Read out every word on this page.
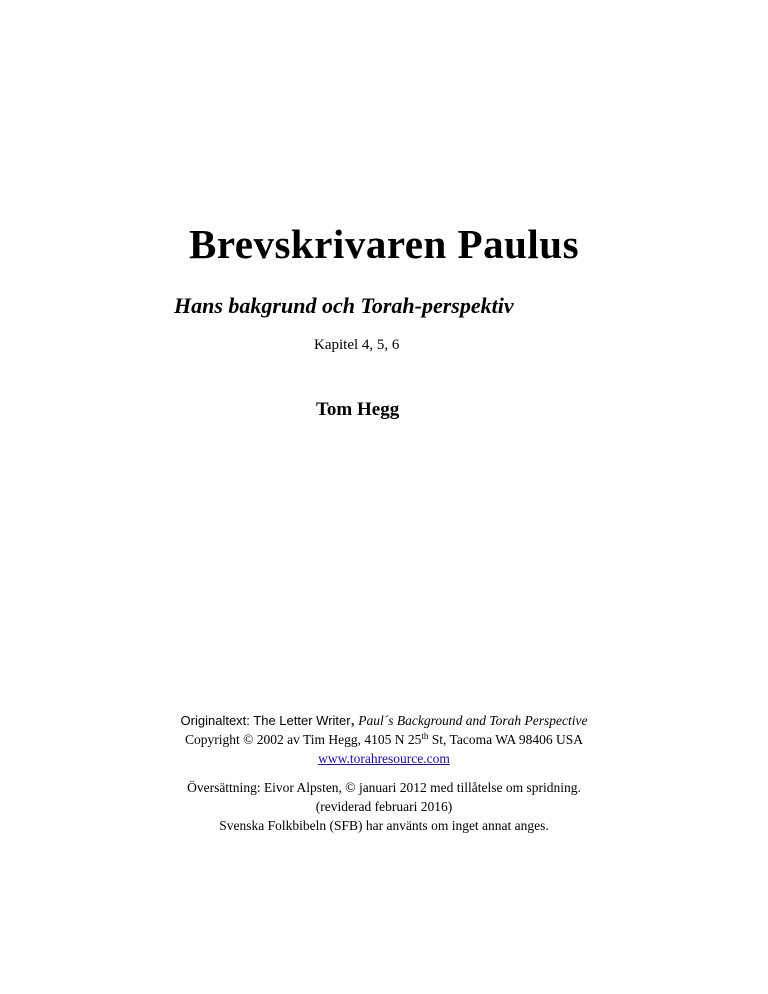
Brevskrivaren Paulus
Hans bakgrund och Torah-perspektiv
Kapitel 4, 5, 6
Tom Hegg
Originaltext: The Letter Writer, Paul´s Background and Torah Perspective
Copyright © 2002 av Tim Hegg, 4105 N 25th St, Tacoma WA 98406 USA
www.torahresource.com
Översättning: Eivor Alpsten, © januari 2012 med tillåtelse om spridning.
(reviderad februari 2016)
Svenska Folkbibeln (SFB) har använts om inget annat anges.
